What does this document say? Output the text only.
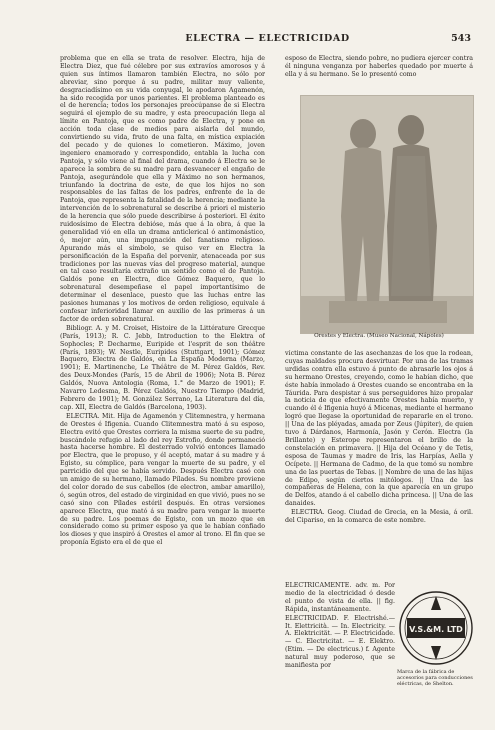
ELECTRA — ELECTRICIDAD	543

problema que en ella se trata de resolver. Electra, hija de Electra Diez, que fué célebre por sus extravíos amorosos y á quien sus íntimos llamaron también Electra, no sólo por abreviar, sino porque á su padre, militar muy valiente, desgraciadísimo en su vida conyugal, le apodaron Agamenón, ha sido recogida por unos parientes. El problema planteado es el de herencia; todos los personajes preocúpanse de si Electra seguirá el ejemplo de su madre, y esta preocupación llega al límite en Pantoja, que es como padre de Electra, y pone en acción toda clase de medios para aislarla del mundo, convirtiendo su vida, fruto de una falta, en mística expiación del pecado y de quiones lo cometieron. Máximo, joven ingeniero enamorado y correspondido, entabla la lucha con Pantoja, y sólo viene al final del drama, cuando á Electra se le aparece la sombra de su madre para desvanecer el engaño de Pantoja, asegurándole que ella y Máximo no son hermanos, triunfando la doctrina de este, de que los hijos no son responsables de las faltas de los padres, enfrente de la de Pantoja, que representa la fatalidad de la herencia; mediante la intervención de lo sobrenatural se describe á priori el misterio de la herencia que sólo puede describirse á posteriori. El éxito ruidosísimo de Electra debióse, más que á la obra, á que la generalidad vió en ella un drama anticlerical ó antimonástico, ó, mejor aún, una impugnación del fanatismo religioso. Apurando más el símbolo, se quiso ver en Electra la personificación de la España del porvenir, atenaceada por sus tradiciones por las nuevas vías del progreso material, aunque en tal caso resultaría extraño un sentido como el de Pantoja. Galdós pone en Electra, dice Gómez Baquero, que lo sobrenatural desempeñase el papel importantísimo de determinar el desenlace, puesto que las luchas entre las pasiones humanas y los motivos de orden religioso, equivale á confesar inferioridad llamar en auxilio de las primeras á un factor de orden sobrenatural.

Bibliogr. A. y M. Croiset, Histoire de la Littérature Grecque (París, 1913); R. C. Jebb, Introduction to the Elektra of Sophocles; P. Decharme, Euripide et l'esprit de son théâtre (París, 1893); W. Nestle, Euripides (Stuttgart, 1901); Gómez Baquero, Electra de Galdós, en La España Moderna (Marzo, 1901); E. Martinenche, Le Théâtre de M. Pérez Galdós, Rev. des Deux-Mondes (París, 15 de Abril de 1906); Nota B. Pérez Galdós, Nuova Antologia (Roma, 1.° de Marzo de 1901); F. Navarro Ledesma, B. Pérez Galdós, Nuestro Tiempo (Madrid, Febrero de 1901); M. González Serrano, La Literatura del día, cap. XII, Electra de Galdós (Barcelona, 1903).

ELECTRA. Mit. Hija de Agamenón y Clitemnestra, y hermana de Orestes é Ifigenia. Cuando Clitemnestra mató á su esposo, Electra evitó que Orestes corriera la misma suerte de su padre, buscándole refugio al lado del rey Estrofio, donde permaneció hasta hacerse hombre. El desterrado volvió entonces llamado por Electra, que le propuso, y él aceptó, matar á su madre y á Egisto, su cómplice, para vengar la muerte de su padre, y el parricidio del que se había servido. Después Electra casó con un amigo de su hermano, llamado Pílades. Su nombre proviene del color dorado de sus cabellos (de electron, ambar amarillo), ó, según otros, del estado de virginidad en que vivió, pues no se casó sino con Pílades estéril después. En otras versiones aparece Electra, que mató á su madre para vengar la muerte de su padre. Los poemas de Egisto, con un mozo que en considerado como su primer esposo ya que le habían confiado los dioses y que inspiró á Orestes el amor al trono. El fin que se proponía Egisto era el de que el

esposo de Electra, siendo pobre, no pudiera ejercer contra él ninguna venganza por haberles quedado por muerte á ella y á su hermano. Se lo presentó como

Orestes y Electra. (Museo Nacional, Nápoles)

víctima constante de las asechanzas de los que la rodean, cuyas maldades procura desvirtuar. Por una de las tramas urdidas contra ella estuvo á punto de abrasarle los ojos á su hermano Orestes, creyendo, como le habían dicho, que éste había inmolado á Orestes cuando se encontraba en la Táurida. Para despistar á sus perseguidores hizo propalar la noticia de que efectivamente Orestes había muerto, y cuando él é Ifigenia huyó á Micenas, mediante el hermano logró que llegase la oportunidad de repararle en el trono. || Una de las pléyadas, amada por Zeus (Júpiter), de quien tuvo á Dárdanos, Harmonía, Jasón y Cerón. Electra (la Brillante) y Esterope representaron el brillo de la constelación en primavera. || Hija del Océano y de Tetis, esposa de Taumas y madre de Iris, las Harpías, Aella y Ocípete. || Hermana de Cadmo, de la que tomó su nombre una de las puertas de Tebas. || Nombre de una de las hijas de Edipo, según ciertos mitólogos. || Una de las compañeras de Helena, con la que aparecía en un grupo de Delfos, atando á el cabello dicha princesa. || Una de las danaides.

ELECTRA. Geog. Ciudad de Grecia, en la Mesia, á oril. del Cipariso, en la comarca de este nombre.

ELECTRICAMENTE. adv. m. Por medio de la electricidad ó desde el punto de vista de ella. || fig. Rápida, instantáneamente.

ELECTRICIDAD. F. Electrishé.— It. Elettricità. — In. Electricity. — A. Elektricität. — P. Electricidade. — C. Electricitat. — E. Elektro. (Etim. — De electricus.) f. Agente natural muy poderoso, que se manifiesta por

V.S.&M. LTD
Marca de la fábrica de accesorios para conducciones eléctricas, de Shelton.
